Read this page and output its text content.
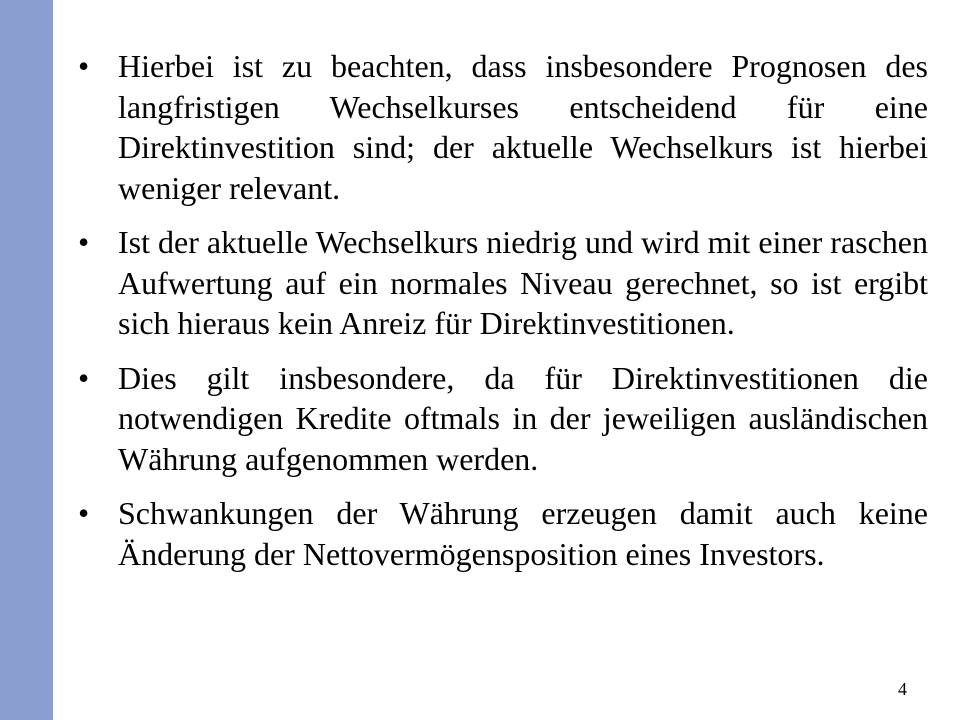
• Hierbei ist zu beachten, dass insbesondere Prognosen des langfristigen Wechselkurses entscheidend für eine Direktinvestition sind; der aktuelle Wechselkurs ist hierbei weniger relevant.
• Ist der aktuelle Wechselkurs niedrig und wird mit einer raschen Aufwertung auf ein normales Niveau gerechnet, so ist ergibt sich hieraus kein Anreiz für Direktinvestitionen.
• Dies gilt insbesondere, da für Direktinvestitionen die notwendigen Kredite oftmals in der jeweiligen ausländischen Währung aufgenommen werden.
• Schwankungen der Währung erzeugen damit auch keine Änderung der Nettovermögensposition eines Investors.
4
